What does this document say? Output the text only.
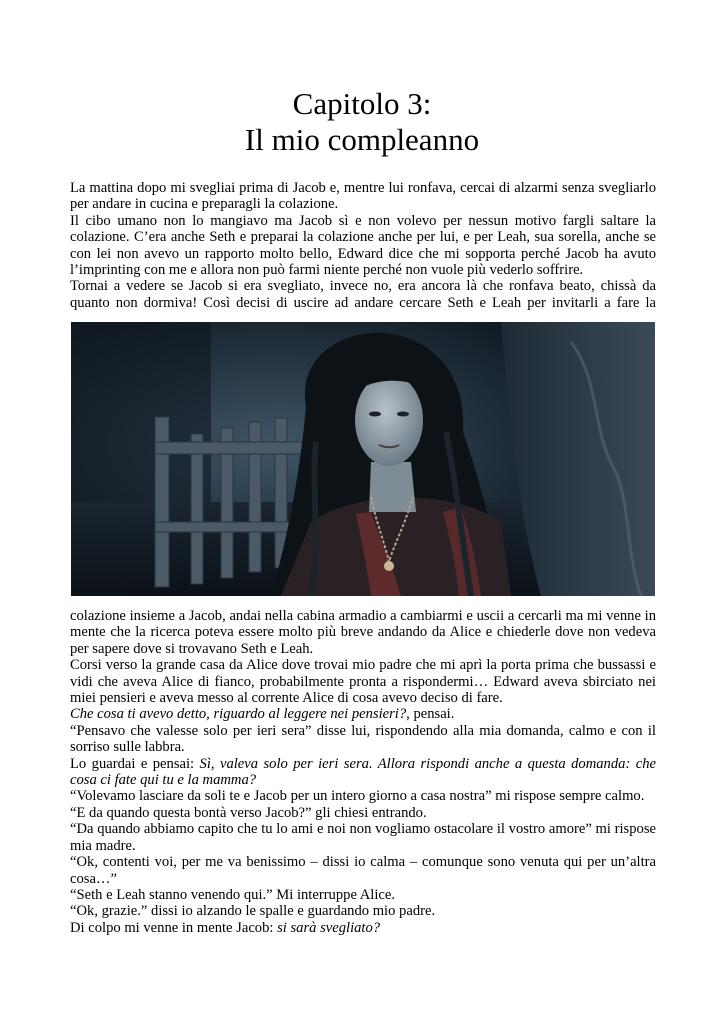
Capitolo 3:
Il mio compleanno

La mattina dopo mi svegliai prima di Jacob e, mentre lui ronfava, cercai di alzarmi senza svegliarlo per andare in cucina e preparagli la colazione.

Il cibo umano non lo mangiavo ma Jacob sì e non volevo per nessun motivo fargli saltare la colazione. C’era anche Seth e preparai la colazione anche per lui, e per Leah, sua sorella, anche se con lei non avevo un rapporto molto bello, Edward dice che mi sopporta perché Jacob ha avuto l’imprinting con me e allora non può farmi niente perché non vuole più vederlo soffrire.

Tornai a vedere se Jacob si era svegliato, invece no, era ancora là che ronfava beato, chissà da quanto non dormiva! Così decisi di uscire ad andare cercare Seth e Leah per invitarli a fare la

colazione insieme a Jacob, andai nella cabina armadio a cambiarmi e uscii a cercarli ma mi venne in mente che la ricerca poteva essere molto più breve andando da Alice e chiederle dove non vedeva per sapere dove si trovavano Seth e Leah.

Corsi verso la grande casa da Alice dove trovai mio padre che mi aprì la porta prima che bussassi e vidi che aveva Alice di fianco, probabilmente pronta a rispondermi… Edward aveva sbirciato nei miei pensieri e aveva messo al corrente Alice di cosa avevo deciso di fare.

Che cosa ti avevo detto, riguardo al leggere nei pensieri?, pensai.

“Pensavo che valesse solo per ieri sera” disse lui, rispondendo alla mia domanda, calmo e con il sorriso sulle labbra.

Lo guardai e pensai: Sì, valeva solo per ieri sera. Allora rispondi anche a questa domanda: che cosa ci fate qui tu e la mamma?

“Volevamo lasciare da soli te e Jacob per un intero giorno a casa nostra” mi rispose sempre calmo.

“E da quando questa bontà verso Jacob?” gli chiesi entrando.

“Da quando abbiamo capito che tu lo ami e noi non vogliamo ostacolare il vostro amore” mi rispose mia madre.

“Ok, contenti voi, per me va benissimo – dissi io calma – comunque sono venuta qui per un’altra cosa…”

“Seth e Leah stanno venendo qui.” Mi interruppe Alice.

“Ok, grazie.” dissi io alzando le spalle e guardando mio padre.

Di colpo mi venne in mente Jacob: si sarà svegliato?
